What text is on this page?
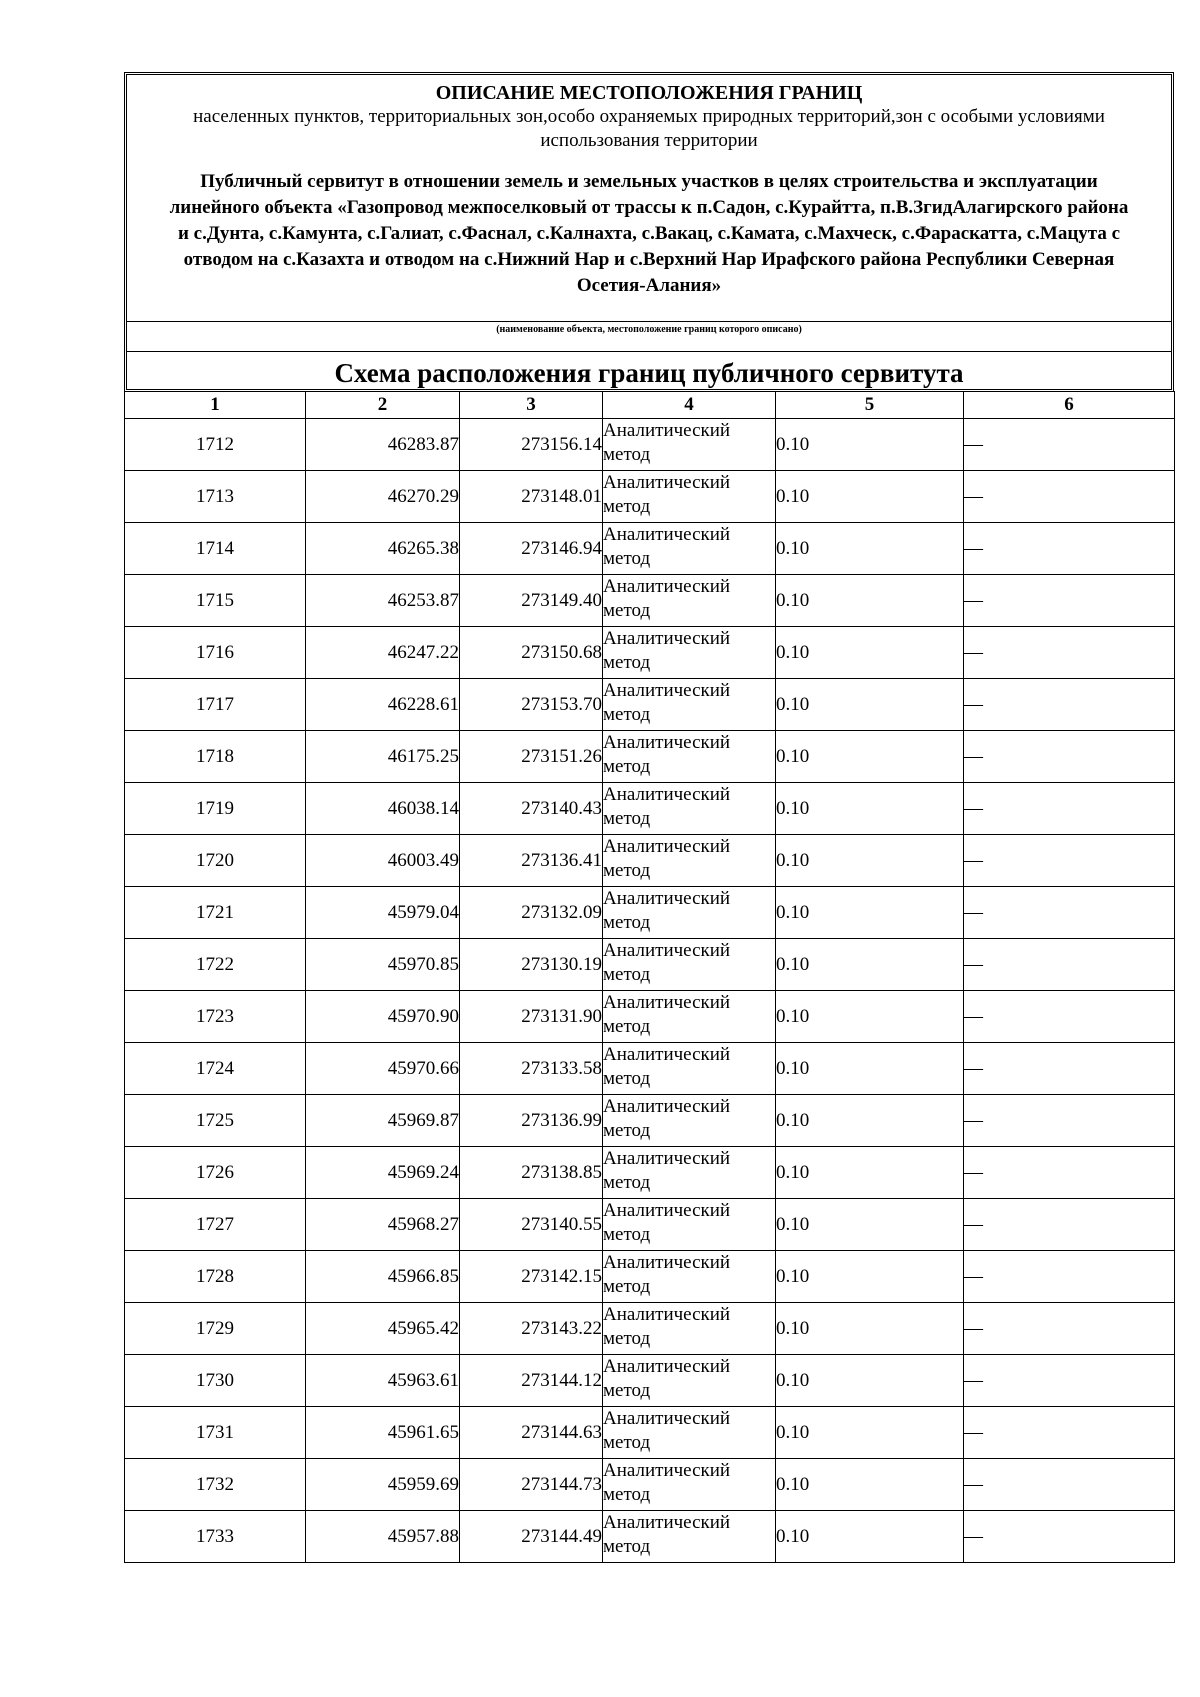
ОПИСАНИЕ МЕСТОПОЛОЖЕНИЯ ГРАНИЦ
населенных пунктов, территориальных зон,особо охраняемых природных территорий,зон с особыми условиями использования территории
Публичный сервитут в отношении земель и земельных участков в целях строительства и эксплуатации линейного объекта «Газопровод межпоселковый от трассы к п.Садон, с.Курайтта, п.В.ЗгидАлагирского района и с.Дунта, с.Камунта, с.Галиат, с.Фаснал, с.Калнахта, с.Вакац, с.Камата, с.Махческ, с.Фараскатта, с.Мацута с отводом на с.Казахта и отводом на с.Нижний Нар и с.Верхний Нар Ирафского района Республики Северная Осетия-Алания»
(наименование объекта, местоположение границ которого описано)
Схема расположения границ публичного сервитута
1	2	3	4	5	6
1712	46283.87	273156.14	Аналитический метод	0.10	—
1713	46270.29	273148.01	Аналитический метод	0.10	—
1714	46265.38	273146.94	Аналитический метод	0.10	—
1715	46253.87	273149.40	Аналитический метод	0.10	—
1716	46247.22	273150.68	Аналитический метод	0.10	—
1717	46228.61	273153.70	Аналитический метод	0.10	—
1718	46175.25	273151.26	Аналитический метод	0.10	—
1719	46038.14	273140.43	Аналитический метод	0.10	—
1720	46003.49	273136.41	Аналитический метод	0.10	—
1721	45979.04	273132.09	Аналитический метод	0.10	—
1722	45970.85	273130.19	Аналитический метод	0.10	—
1723	45970.90	273131.90	Аналитический метод	0.10	—
1724	45970.66	273133.58	Аналитический метод	0.10	—
1725	45969.87	273136.99	Аналитический метод	0.10	—
1726	45969.24	273138.85	Аналитический метод	0.10	—
1727	45968.27	273140.55	Аналитический метод	0.10	—
1728	45966.85	273142.15	Аналитический метод	0.10	—
1729	45965.42	273143.22	Аналитический метод	0.10	—
1730	45963.61	273144.12	Аналитический метод	0.10	—
1731	45961.65	273144.63	Аналитический метод	0.10	—
1732	45959.69	273144.73	Аналитический метод	0.10	—
1733	45957.88	273144.49	Аналитический метод	0.10	—
